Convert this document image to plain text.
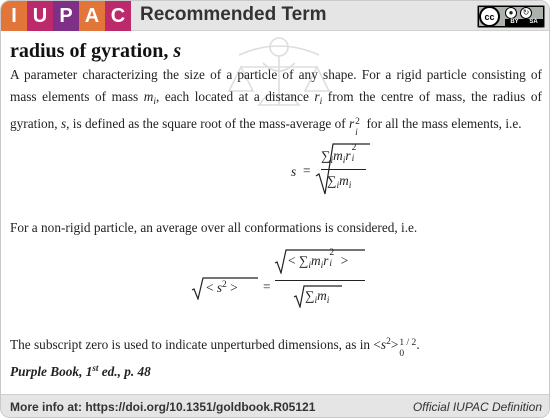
I U P A C Recommended Term	cc	●	↻
BY SA
radius of gyration, s
A parameter characterizing the size of a particle of any shape. For a rigid particle consisting of mass elements of mass $m_i$, each located at a distance $r_i$ from the centre of mass, the radius of gyration, s, is defined as the square root of the mass-average of r 2
i
for all the mass elements, i.e.
s =
$\sum_im_ir$ 2
i
$\sum_im_i$
For a non-rigid particle, an average over all conformations is considered, i.e.
< $s^2$ > =
< $\sum_im_ir$ 2
i >
$\sum_im_i$
The subscript zero is used to indicate unperturbed dimensions, as in $<s^2> 1 / 2$
0
.
Purple Book, 1st ed., p. 48
More info at: https://doi.org/10.1351/goldbook.R05121	Official IUPAC Definition
